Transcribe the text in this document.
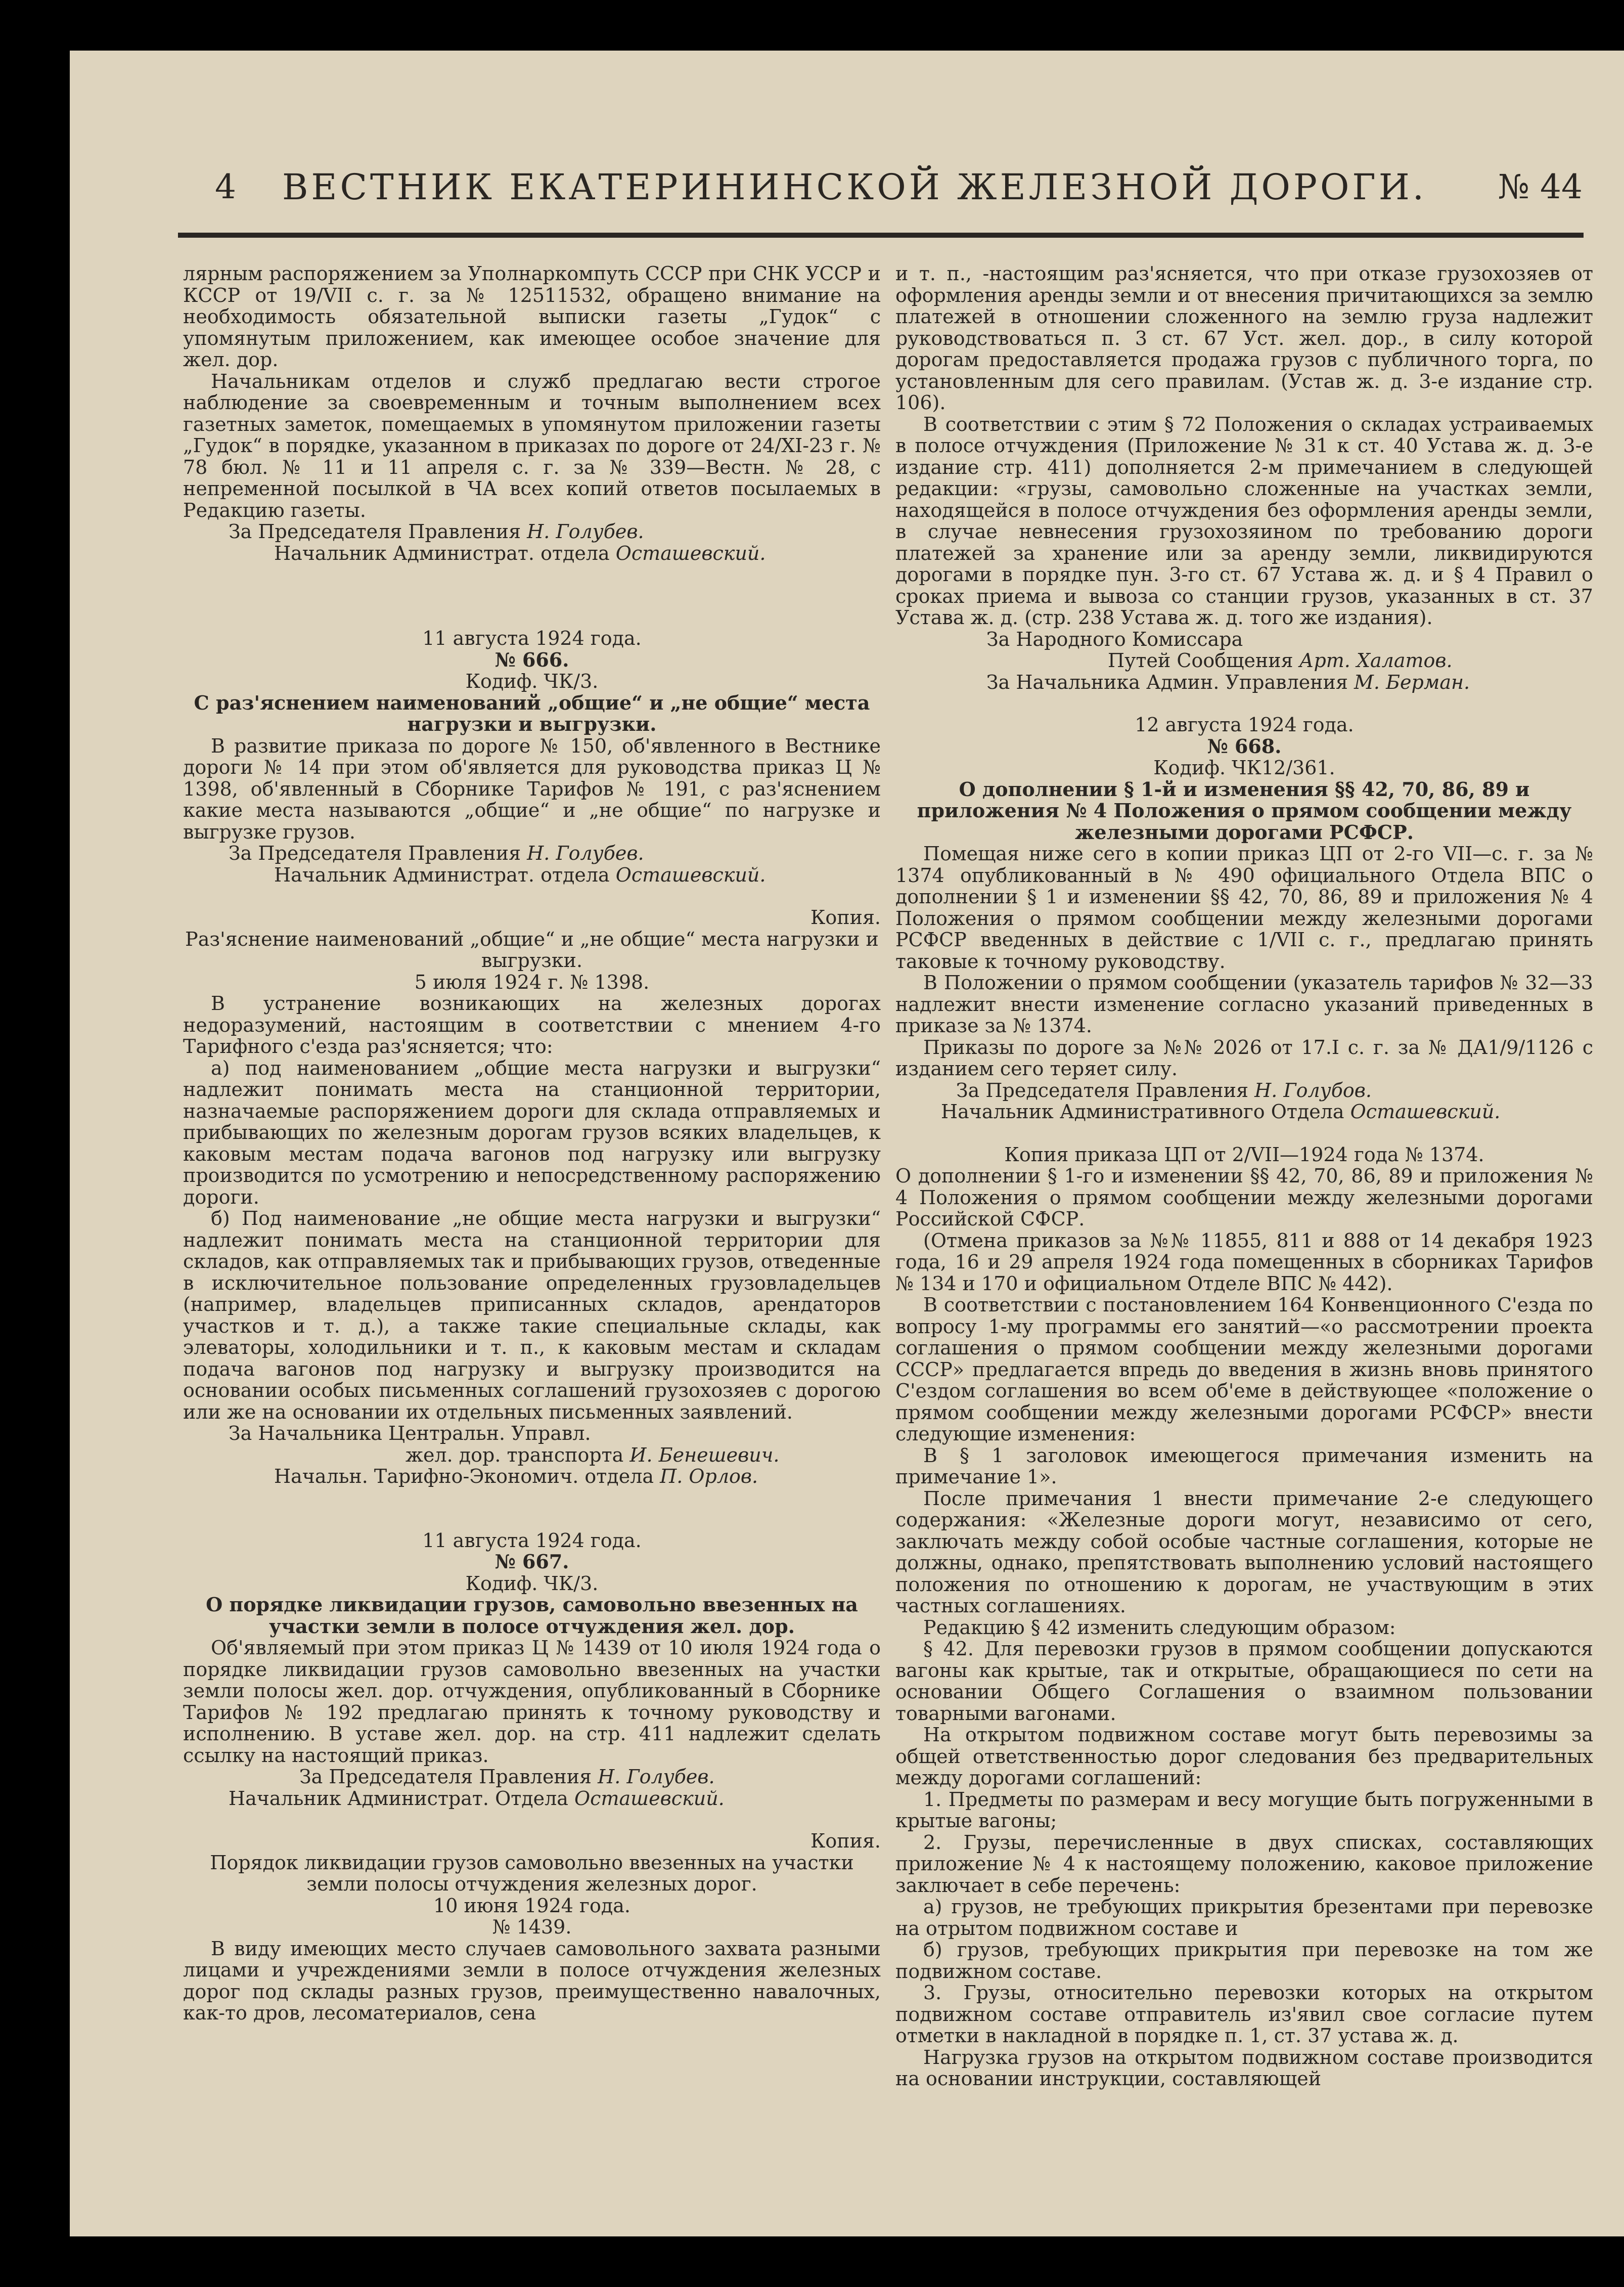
4	ВЕСТНИК ЕКАТЕРИНИНСКОЙ ЖЕЛЕЗНОЙ ДОРОГИ.	№ 44

лярным распоряжением за Уполнаркомпуть СССР при СНК УССР и КССР от 19/VII с. г. за № 12511532, обращено внимание на необходимость обязательной выписки газеты „Гудок“ с упомянутым приложением, как имеющее особое значение для жел. дор.

Начальникам отделов и служб предлагаю вести строгое наблюдение за своевременным и точным выполнением всех газетных заметок, помещаемых в упомянутом приложении газеты „Гудок“ в порядке, указанном в приказах по дороге от 24/XI-23 г. № 78 бюл. № 11 и 11 апреля с. г. за № 339—Вестн. № 28, с непременной посылкой в ЧА всех копий ответов посылаемых в Редакцию газеты.

За Председателя Правления Н. Голубев.

Начальник Администрат. отдела Осташевский.

11 августа 1924 года.

№ 666.

Кодиф. ЧК/3.

С раз'яснением наименований „общие“ и „не общие“ места нагрузки и выгрузки.

В развитие приказа по дороге № 150, об'явленного в Вестнике дороги № 14 при этом об'является для руководства приказ Ц № 1398, об'явленный в Сборнике Тарифов № 191, с раз'яснением какие места называются „общие“ и „не общие“ по нагрузке и выгрузке грузов.

За Председателя Правления Н. Голубев.

Начальник Администрат. отдела Осташевский.

Копия.

Раз'яснение наименований „общие“ и „не общие“ места нагрузки и выгрузки.

5 июля 1924 г. № 1398.

В устранение возникающих на железных дорогах недоразумений, настоящим в соответствии с мнением 4-го Тарифного с'езда раз'ясняется; что:

а) под наименованием „общие места нагрузки и выгрузки“ надлежит понимать места на станционной территории, назначаемые распоряжением дороги для склада отправляемых и прибывающих по железным дорогам грузов всяких владельцев, к каковым местам подача вагонов под нагрузку или выгрузку производится по усмотрению и непосредственному распоряжению дороги.

б) Под наименование „не общие места нагрузки и выгрузки“ надлежит понимать места на станционной территории для складов, как отправляемых так и прибывающих грузов, отведенные в исключительное пользование определенных грузовладельцев (например, владельцев приписанных складов, арендаторов участков и т. д.), а также такие специальные склады, как элеваторы, холодильники и т. п., к каковым местам и складам подача вагонов под нагрузку и выгрузку производится на основании особых письменных соглашений грузохозяев с дорогою или же на основании их отдельных письменных заявлений.

За Начальника Центральн. Управл.

жел. дор. транспорта И. Бенешевич.

Начальн. Тарифно-Экономич. отдела П. Орлов.

11 августа 1924 года.

№ 667.

Кодиф. ЧК/3.

О порядке ликвидации грузов, самовольно ввезенных на участки земли в полосе отчуждения жел. дор.

Об'являемый при этом приказ Ц № 1439 от 10 июля 1924 года о порядке ликвидации грузов самовольно ввезенных на участки земли полосы жел. дор. отчуждения, опубликованный в Сборнике Тарифов № 192 предлагаю принять к точному руководству и исполнению. В уставе жел. дор. на стр. 411 надлежит сделать ссылку на настоящий приказ.

За Председателя Правления Н. Голубев.

Начальник Администрат. Отдела Осташевский.

Копия.

Порядок ликвидации грузов самовольно ввезенных на участки земли полосы отчуждения железных дорог.

10 июня 1924 года.

№ 1439.

В виду имеющих место случаев самовольного захвата разными лицами и учреждениями земли в полосе отчуждения железных дорог под склады разных грузов, преимущественно навалочных, как-то дров, лесоматериалов, сена

и т. п., -настоящим раз'ясняется, что при отказе грузохозяев от оформления аренды земли и от внесения причитающихся за землю платежей в отношении сложенного на землю груза надлежит руководствоваться п. 3 ст. 67 Уст. жел. дор., в силу которой дорогам предоставляется продажа грузов с публичного торга, по установленным для сего правилам. (Устав ж. д. 3-е издание стр. 106).

В соответствии с этим § 72 Положения о складах устраиваемых в полосе отчуждения (Приложение № 31 к ст. 40 Устава ж. д. 3-е издание стр. 411) дополняется 2-м примечанием в следующей редакции: «грузы, самовольно сложенные на участках земли, находящейся в полосе отчуждения без оформления аренды земли, в случае невнесения грузохозяином по требованию дороги платежей за хранение или за аренду земли, ликвидируются дорогами в порядке пун. 3-го ст. 67 Устава ж. д. и § 4 Правил о сроках приема и вывоза со станции грузов, указанных в ст. 37 Устава ж. д. (стр. 238 Устава ж. д. того же издания).

За Народного Комиссара

Путей Сообщения Арт. Халатов.

За Начальника Админ. Управления М. Берман.

12 августа 1924 года.

№ 668.

Кодиф. ЧК12/361.

О дополнении § 1-й и изменения §§ 42, 70, 86, 89 и приложения № 4 Положения о прямом сообщении между железными дорогами РСФСР.

Помещая ниже сего в копии приказ ЦП от 2-го VII—с. г. за № 1374 опубликованный в № 490 официального Отдела ВПС о дополнении § 1 и изменении §§ 42, 70, 86, 89 и приложения № 4 Положения о прямом сообщении между железными дорогами РСФСР введенных в действие с 1/VII с. г., предлагаю принять таковые к точному руководству.

В Положении о прямом сообщении (указатель тарифов № 32—33 надлежит внести изменение согласно указаний приведенных в приказе за № 1374.

Приказы по дороге за №№ 2026 от 17.I с. г. за № ДА1/9/1126 с изданием сего теряет силу.

За Председателя Правления Н. Голубов.

Начальник Административного Отдела Осташевский.

Копия приказа ЦП от 2/VII—1924 года № 1374.

О дополнении § 1-го и изменении §§ 42, 70, 86, 89 и приложения № 4 Положения о прямом сообщении между железными дорогами Российской СФСР.

(Отмена приказов за №№ 11855, 811 и 888 от 14 декабря 1923 года, 16 и 29 апреля 1924 года помещенных в сборниках Тарифов № 134 и 170 и официальном Отделе ВПС № 442).

В соответствии с постановлением 164 Конвенционного С'езда по вопросу 1-му программы его занятий—«о рассмотрении проекта соглашения о прямом сообщении между железными дорогами СССР» предлагается впредь до введения в жизнь вновь принятого С'ездом соглашения во всем об'еме в действующее «положение о прямом сообщении между железными дорогами РСФСР» внести следующие изменения:

В § 1 заголовок имеющегося примечания изменить на примечание 1».

После примечания 1 внести примечание 2-е следующего содержания: «Железные дороги могут, независимо от сего, заключать между собой особые частные соглашения, которые не должны, однако, препятствовать выполнению условий настоящего положения по отношению к дорогам, не участвующим в этих частных соглашениях.

Редакцию § 42 изменить следующим образом:

§ 42. Для перевозки грузов в прямом сообщении допускаются вагоны как крытые, так и открытые, обращающиеся по сети на основании Общего Соглашения о взаимном пользовании товарными вагонами.

На открытом подвижном составе могут быть перевозимы за общей ответственностью дорог следования без предварительных между дорогами соглашений:

1. Предметы по размерам и весу могущие быть погруженными в крытые вагоны;

2. Грузы, перечисленные в двух списках, составляющих приложение № 4 к настоящему положению, каковое приложение заключает в себе перечень:

а) грузов, не требующих прикрытия брезентами при перевозке на отрытом подвижном составе и

б) грузов, требующих прикрытия при перевозке на том же подвижном составе.

3. Грузы, относительно перевозки которых на открытом подвижном составе отправитель из'явил свое согласие путем отметки в накладной в порядке п. 1, ст. 37 устава ж. д.

Нагрузка грузов на открытом подвижном составе производится на основании инструкции, составляющей
